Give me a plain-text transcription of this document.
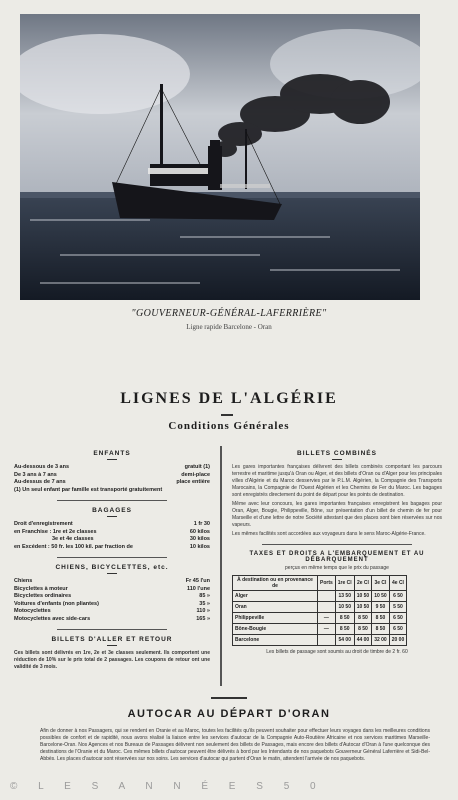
"GOUVERNEUR-GÉNÉRAL-LAFERRIÈRE"
Ligne rapide Barcelone - Oran
LIGNES DE L'ALGÉRIE
Conditions Générales
ENFANTS
Au-dessous de 3 ans	gratuit (1)
De 3 ans à 7 ans	demi-place
Au-dessus de 7 ans	place entière
(1) Un seul enfant par famille est transporté gratuitement
BAGAGES
Droit d'enregistrement	1 fr 30
en Franchise : 1re et 2e classes	60 kilos
3e et 4e classes	30 kilos
en Excédent : 50 fr. les 100 kil. par fraction de	10 kilos
CHIENS, BICYCLETTES, etc.
Chiens	Fr 45 l'un
Bicyclettes à moteur	110 l'une
Bicyclettes ordinaires	85 »
Voitures d'enfants (non pliantes)	35 »
Motocyclettes	110 »
Motocyclettes avec side-cars	165 »
BILLETS D'ALLER ET RETOUR
Ces billets sont délivrés en 1re, 2e et 3e classes seulement. Ils comportent une réduction de 10% sur le prix total de 2 passages. Les coupons de retour ont une validité de 3 mois.
BILLETS COMBINÉS
Les gares importantes françaises délivrent des billets combinés comportant les parcours terrestre et maritime jusqu'à Oran ou Alger, et des billets d'Oran ou d'Alger pour les principales villes d'Algérie et du Maroc desservies par le P.L.M. Algérien, la Compagnie des Transports Marocains, la Compagnie de l'Ouest Algérien et les Chemins de Fer du Maroc. Les bagages sont enregistrés directement du point de départ pour les points de destination.
Même avec leur concours, les gares importantes françaises enregistrent les bagages pour Oran, Alger, Bougie, Philippeville, Bône, sur présentation d'un billet de chemin de fer pour Marseille et d'une lettre de notre Société attestant que des places sont bien réservées sur nos vapeurs.
Les mêmes facilités sont accordées aux voyageurs dans le sens Maroc-Algérie-France.
TAXES ET DROITS A L'EMBARQUEMENT ET AU DÉBARQUEMENT
perçus en même temps que le prix du passage
À destination ou en provenance de	Ports	1re Cl	2e Cl	3e Cl	4e Cl
Alger		13 50	10 50	10 50	6 50
Oran		10 50	10 50	9 50	5 50
Philippeville	—	8 50	8 50	8 50	6 50
Bône-Bougie	—	8 50	8 50	8 50	6 50
Barcelone		54 00	44 00	32 00	20 00
Les billets de passage sont soumis au droit de timbre de 2 fr. 60
AUTOCAR AU DÉPART D'ORAN
Afin de donner à nos Passagers, qui se rendent en Oranie et au Maroc, toutes les facilités qu'ils peuvent souhaiter pour effectuer leurs voyages dans les meilleures conditions possibles de confort et de rapidité, nous avons réalisé la liaison entre les services d'autocar de la Compagnie Auto-Routière Africaine et nos services maritimes Marseille-Barcelone-Oran. Nos Agences et nos Bureaux de Passages délivrent non seulement des billets de Passages, mais encore des billets d'Autocar d'Oran à l'une quelconque des destinations de l'Oranie et du Maroc. Ces mêmes billets d'autocar peuvent être délivrés à bord par les Intendants de nos paquebots Gouverneur Général Laferrière et Sidi-Bel-Abbès. Les places d'autocar sont réservées sur nos soins. Les services d'autocar qui partent d'Oran le matin, attendent l'arrivée de nos paquebots.
© L E S A N N É E S 5 0
